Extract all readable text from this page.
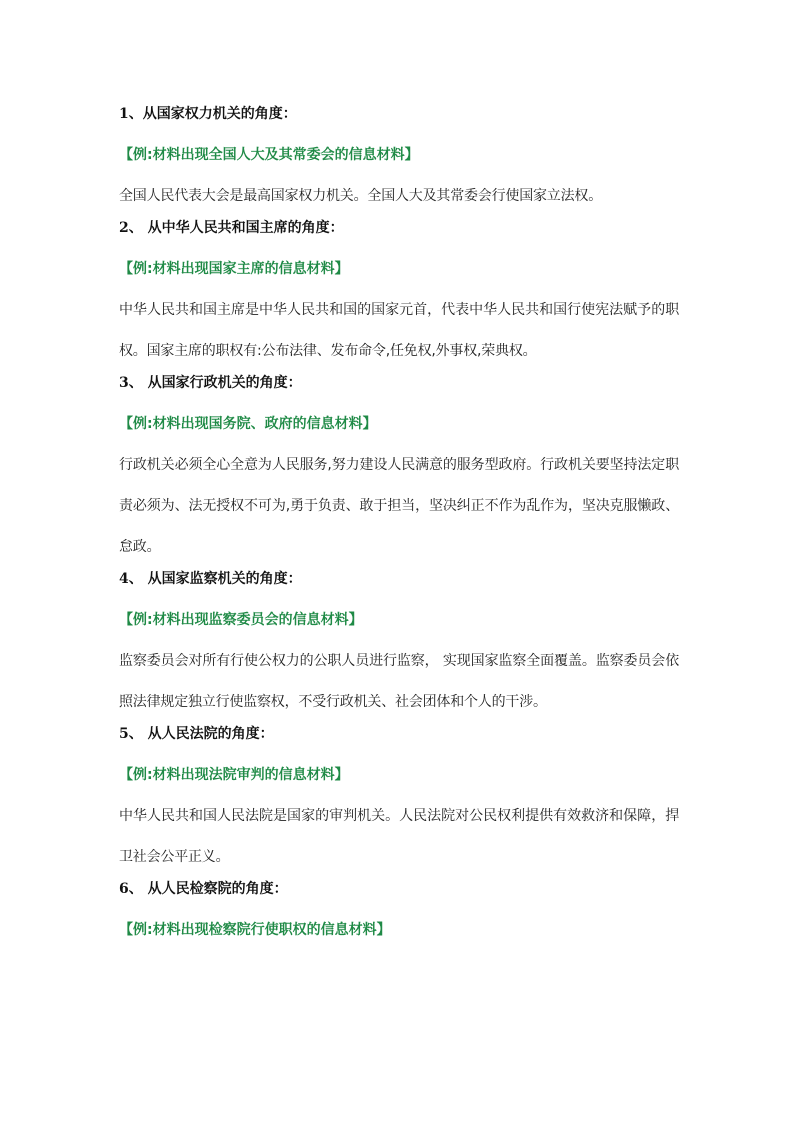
1、从国家权力机关的角度：
【例:材料出现全国人大及其常委会的信息材料】
全国人民代表大会是最高国家权力机关。全国人大及其常委会行使国家立法权。
2、 从中华人民共和国主席的角度：
【例:材料出现国家主席的信息材料】
中华人民共和国主席是中华人民共和国的国家元首，代表中华人民共和国行使宪法赋予的职权。国家主席的职权有:公布法律、发布命令,任免权,外事权,荣典权。
3、 从国家行政机关的角度：
【例:材料出现国务院、政府的信息材料】
行政机关必须全心全意为人民服务,努力建设人民满意的服务型政府。行政机关要坚持法定职责必须为、法无授权不可为,勇于负责、敢于担当，坚决纠正不作为乱作为，坚决克服懒政、怠政。
4、 从国家监察机关的角度：
【例:材料出现监察委员会的信息材料】
监察委员会对所有行使公权力的公职人员进行监察， 实现国家监察全面覆盖。监察委员会依照法律规定独立行使监察权，不受行政机关、社会团体和个人的干涉。
5、 从人民法院的角度：
【例:材料出现法院审判的信息材料】
中华人民共和国人民法院是国家的审判机关。人民法院对公民权利提供有效救济和保障，捍卫社会公平正义。
6、 从人民检察院的角度：
【例:材料出现检察院行使职权的信息材料】
